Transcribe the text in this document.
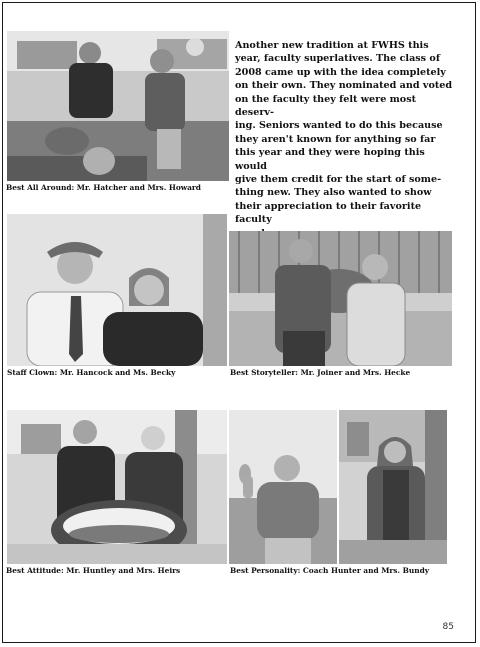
Best All Around: Mr. Hatcher and Mrs. Howard

Another new tradition at FWHS this
year, faculty superlatives. The class of
2008 came up with the idea completely
on their own. They nominated and voted
on the faculty they felt were most deserv-
ing. Seniors wanted to do this because
they aren't known for anything so far
this year and they were hoping this would
give them credit for the start of some-
thing new. They also wanted to show
their appreciation to their favorite faculty

Staff Clown: Mr. Hancock and Ms. Becky	Best Storyteller: Mr. Joiner and Mrs. Hecke

Best Attitude: Mr. Huntley and Mrs. Heirs	Best Personality: Coach Hunter and Mrs. Bundy

85
